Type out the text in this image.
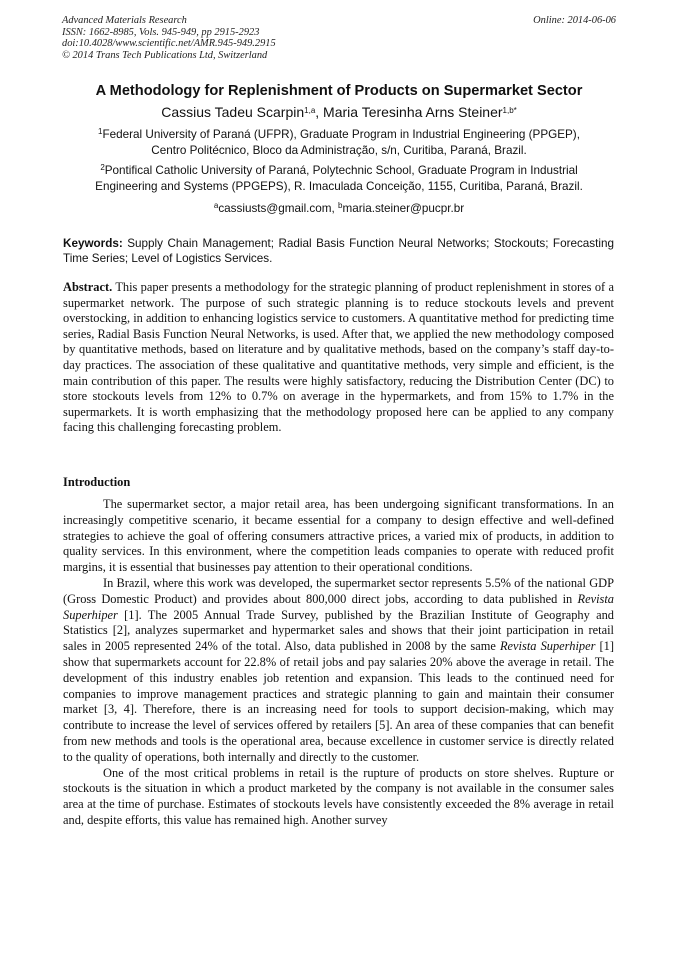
Advanced Materials Research
ISSN: 1662-8985, Vols. 945-949, pp 2915-2923
doi:10.4028/www.scientific.net/AMR.945-949.2915
© 2014 Trans Tech Publications Ltd, Switzerland
Online: 2014-06-06
A Methodology for Replenishment of Products on Supermarket Sector
Cassius Tadeu Scarpin$^{1,a}$, Maria Teresinha Arns Steiner$^{1,b*}$
$^1$Federal University of Paraná (UFPR), Graduate Program in Industrial Engineering (PPGEP),
Centro Politécnico, Bloco da Administração, s/n, Curitiba, Paraná, Brazil.
$^2$Pontifical Catholic University of Paraná, Polytechnic School, Graduate Program in Industrial
Engineering and Systems (PPGEPS), R. Imaculada Conceição, 1155, Curitiba, Paraná, Brazil.
$^a$cassiusts@gmail.com, $^b$maria.steiner@pucpr.br
Keywords: Supply Chain Management; Radial Basis Function Neural Networks; Stockouts; Forecasting Time Series; Level of Logistics Services.
Abstract. This paper presents a methodology for the strategic planning of product replenishment in stores of a supermarket network. The purpose of such strategic planning is to reduce stockouts levels and prevent overstocking, in addition to enhancing logistics service to customers. A quantitative method for predicting time series, Radial Basis Function Neural Networks, is used. After that, we applied the new methodology composed by quantitative methods, based on literature and by qualitative methods, based on the company’s staff day-to-day practices. The association of these qualitative and quantitative methods, very simple and efficient, is the main contribution of this paper. The results were highly satisfactory, reducing the Distribution Center (DC) to store stockouts levels from 12% to 0.7% on average in the hypermarkets, and from 15% to 1.7% in the supermarkets. It is worth emphasizing that the methodology proposed here can be applied to any company facing this challenging forecasting problem.
Introduction

The supermarket sector, a major retail area, has been undergoing significant transformations. In an increasingly competitive scenario, it became essential for a company to design effective and well-defined strategies to achieve the goal of offering consumers attractive prices, a varied mix of products, in addition to quality services. In this environment, where the competition leads companies to operate with reduced profit margins, it is essential that businesses pay attention to their operational conditions.

In Brazil, where this work was developed, the supermarket sector represents 5.5% of the national GDP (Gross Domestic Product) and provides about 800,000 direct jobs, according to data published in Revista Superhiper [1]. The 2005 Annual Trade Survey, published by the Brazilian Institute of Geography and Statistics [2], analyzes supermarket and hypermarket sales and shows that their joint participation in retail sales in 2005 represented 24% of the total. Also, data published in 2008 by the same Revista Superhiper [1] show that supermarkets account for 22.8% of retail jobs and pay salaries 20% above the average in retail. The development of this industry enables job retention and expansion. This leads to the continued need for companies to improve management practices and strategic planning to gain and maintain their consumer market [3, 4]. Therefore, there is an increasing need for tools to support decision-making, which may contribute to increase the level of services offered by retailers [5]. An area of these companies that can benefit from new methods and tools is the operational area, because excellence in customer service is directly related to the quality of operations, both internally and directly to the customer.

One of the most critical problems in retail is the rupture of products on store shelves. Rupture or stockouts is the situation in which a product marketed by the company is not available in the consumer sales area at the time of purchase. Estimates of stockouts levels have consistently exceeded the 8% average in retail and, despite efforts, this value has remained high. Another survey
